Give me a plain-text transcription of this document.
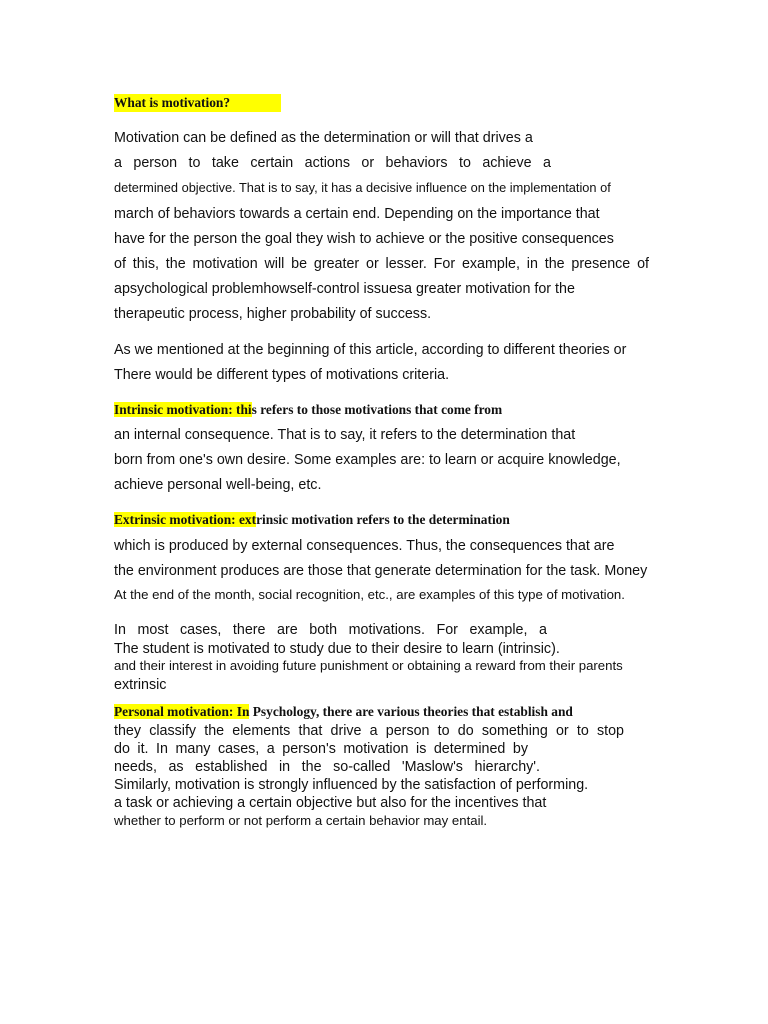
What is motivation?
Motivation can be defined as the determination or will that drives a
a person to take certain actions or behaviors to achieve a
determined objective. That is to say, it has a decisive influence on the implementation of
march of behaviors towards a certain end. Depending on the importance that
have for the person the goal they wish to achieve or the positive consequences
of this, the motivation will be greater or lesser. For example, in the presence of
apsychological problemhowself-control issuesa greater motivation for the
therapeutic process, higher probability of success.
As we mentioned at the beginning of this article, according to different theories or
There would be different types of motivations criteria.
Intrinsic motivation: this refers to those motivations that come from
an internal consequence. That is to say, it refers to the determination that
born from one's own desire. Some examples are: to learn or acquire knowledge,
achieve personal well-being, etc.
Extrinsic motivation: extrinsic motivation refers to the determination
which is produced by external consequences. Thus, the consequences that are
the environment produces are those that generate determination for the task. Money
At the end of the month, social recognition, etc., are examples of this type of motivation.
In most cases, there are both motivations. For example, a
The student is motivated to study due to their desire to learn (intrinsic).
and their interest in avoiding future punishment or obtaining a reward from their parents
extrinsic
Personal motivation: In Psychology, there are various theories that establish and
they classify the elements that drive a person to do something or to stop
do it. In many cases, a person's motivation is determined by
needs, as established in the so-called 'Maslow's hierarchy'.
Similarly, motivation is strongly influenced by the satisfaction of performing.
a task or achieving a certain objective but also for the incentives that
whether to perform or not perform a certain behavior may entail.
